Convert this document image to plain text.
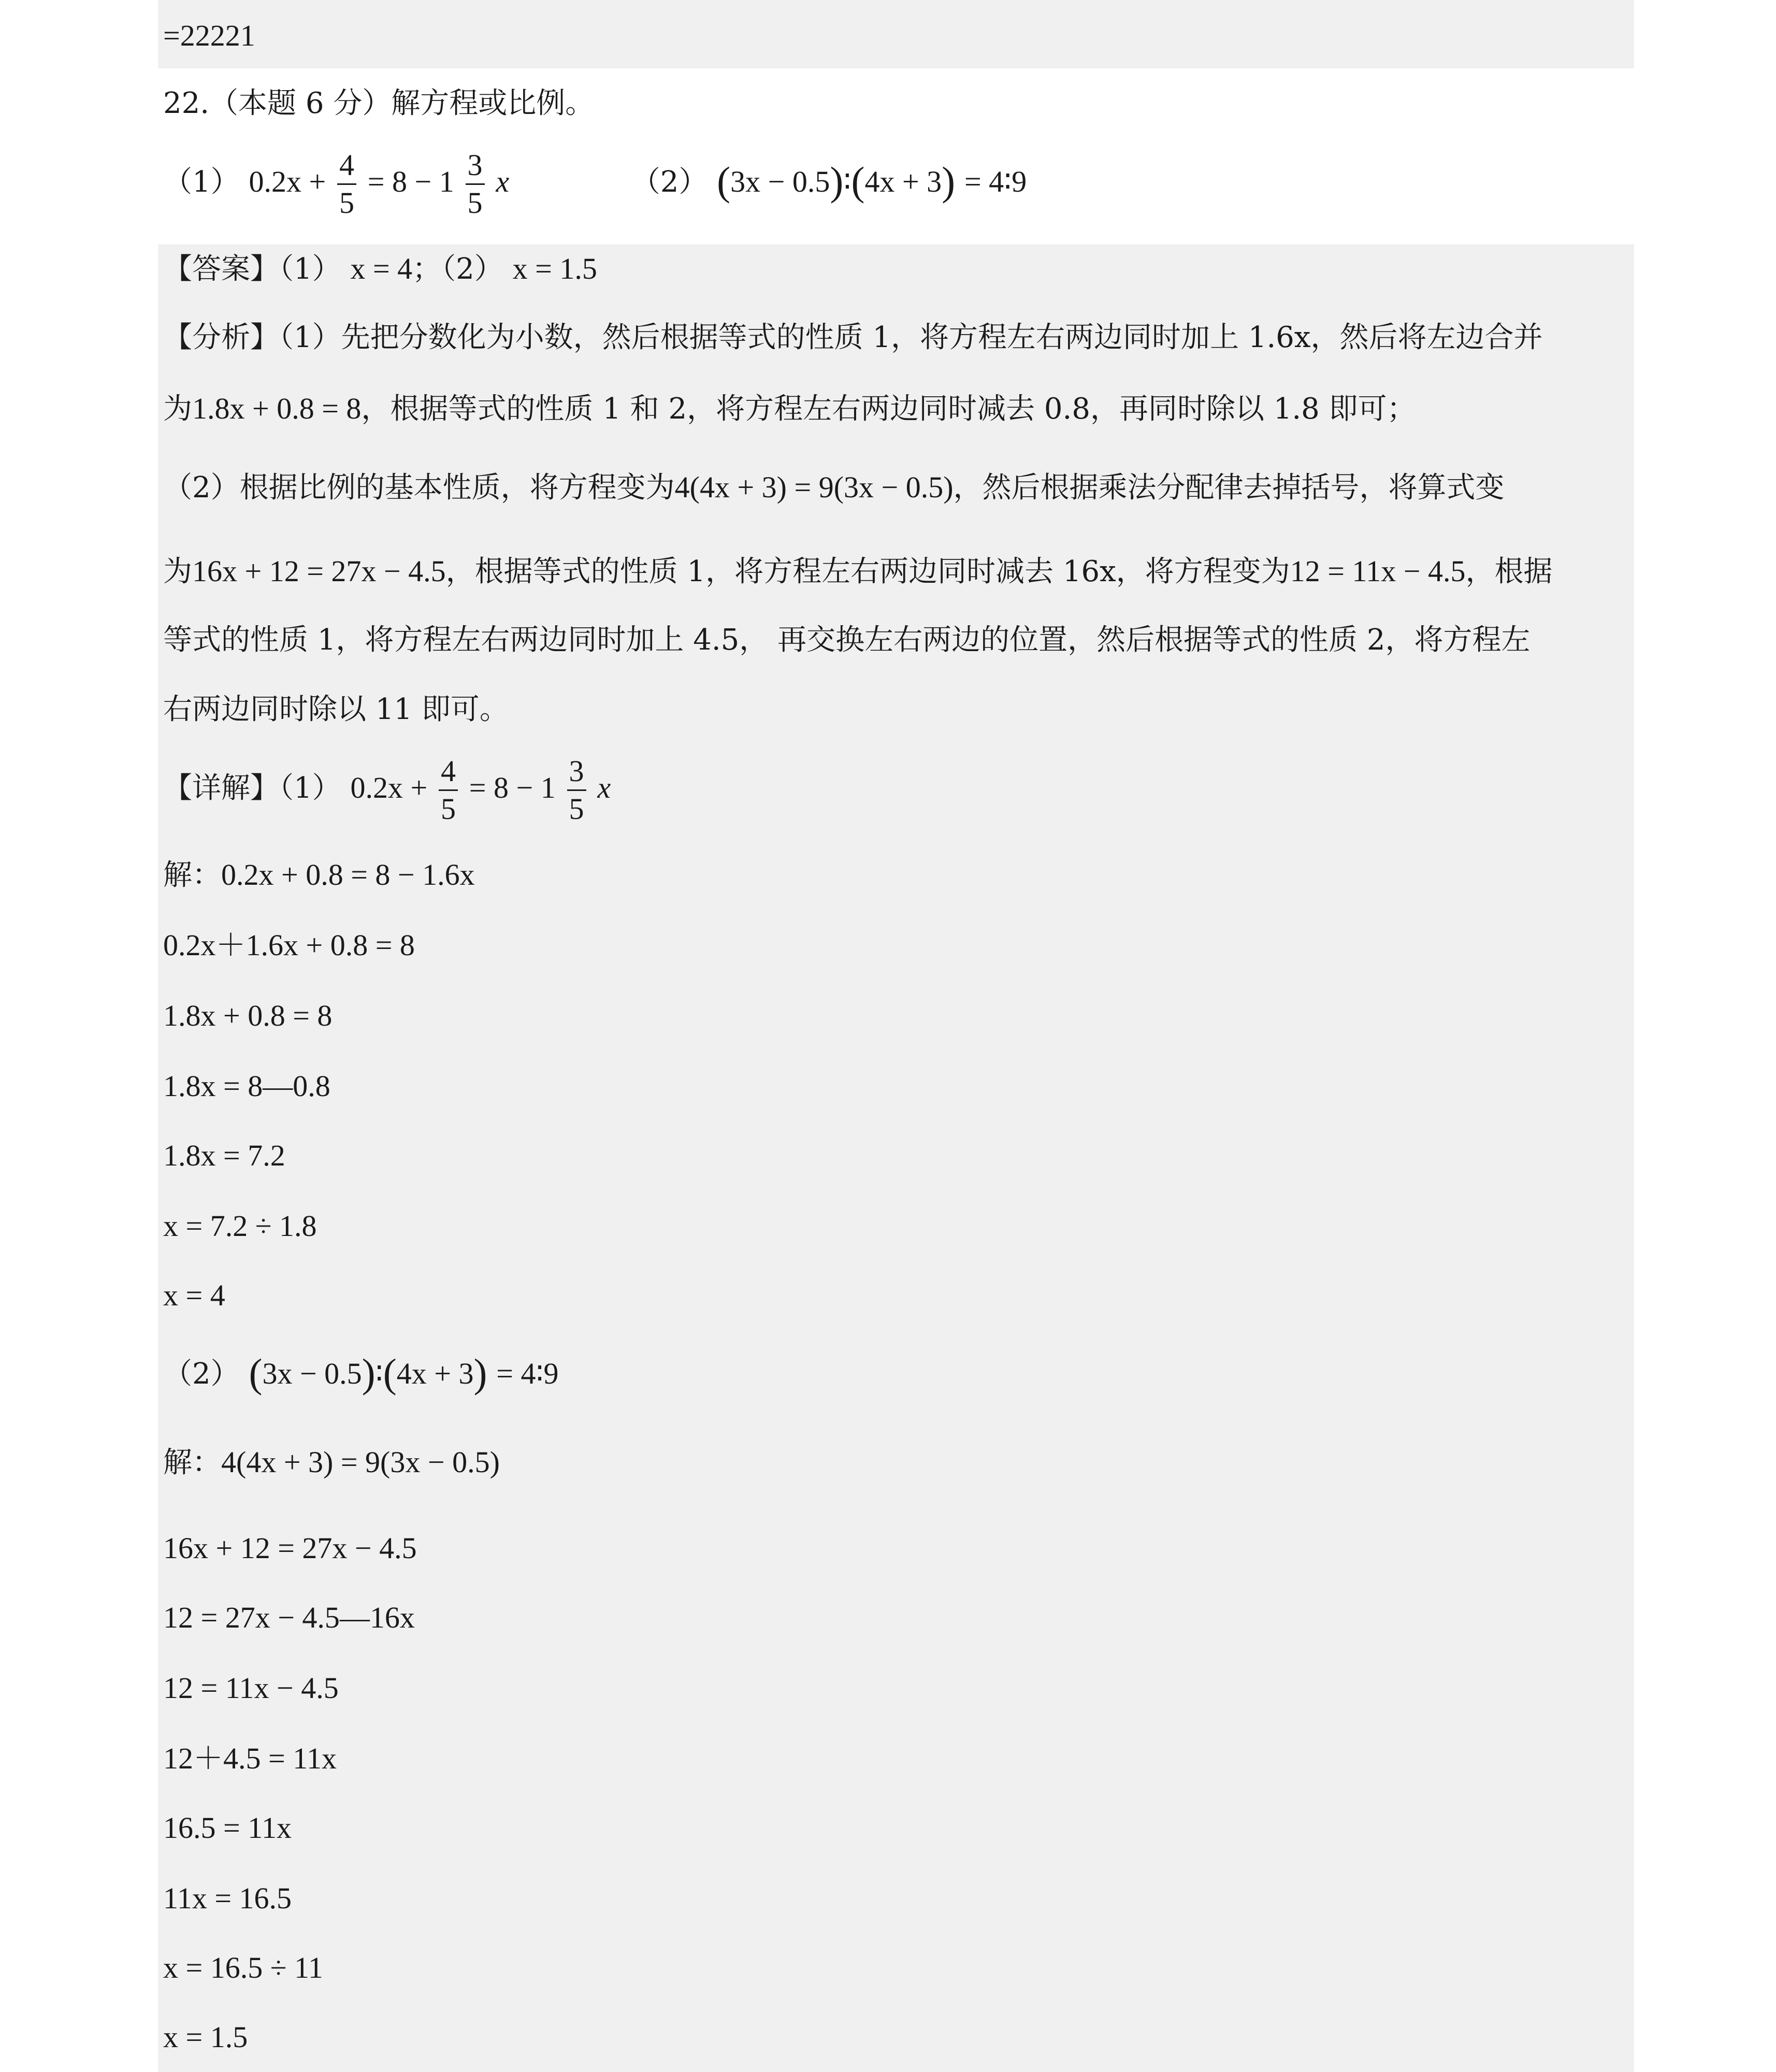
=22221
22.（本题 6 分）解方程或比例。
（1） $0.2x + \frac{4}{5} = 8 - 1 \frac{3}{5}$ x	（2） (3x − 0.5)∶(4x + 3) = 4∶9
【答案】（1） x = 4；（2） x = 1.5
【分析】（1）先把分数化为小数，然后根据等式的性质 1，将方程左右两边同时加上 1.6x，然后将左边合并
为1.8x + 0.8 = 8，根据等式的性质 1 和 2，将方程左右两边同时减去 0.8，再同时除以 1.8 即可；
（2）根据比例的基本性质，将方程变为4(4x + 3) = 9(3x − 0.5)，然后根据乘法分配律去掉括号，将算式变
为16x + 12 = 27x − 4.5，根据等式的性质 1，将方程左右两边同时减去 16x，将方程变为12 = 11x − 4.5，根据
等式的性质 1，将方程左右两边同时加上 4.5， 再交换左右两边的位置，然后根据等式的性质 2，将方程左
右两边同时除以 11 即可。
【详解】（1） $0.2x + \frac{4}{5} = 8 - 1 \frac{3}{5}$ x
解：0.2x + 0.8 = 8 − 1.6x
0.2x＋1.6x + 0.8 = 8
1.8x + 0.8 = 8
1.8x = 8—0.8
1.8x = 7.2
x = 7.2 ÷ 1.8
x = 4
（2） (3x − 0.5)∶(4x + 3) = 4∶9
解：4(4x + 3) = 9(3x − 0.5)
16x + 12 = 27x − 4.5
12 = 27x − 4.5—16x
12 = 11x − 4.5
12＋4.5 = 11x
16.5 = 11x
11x = 16.5
x = 16.5 ÷ 11
x = 1.5
